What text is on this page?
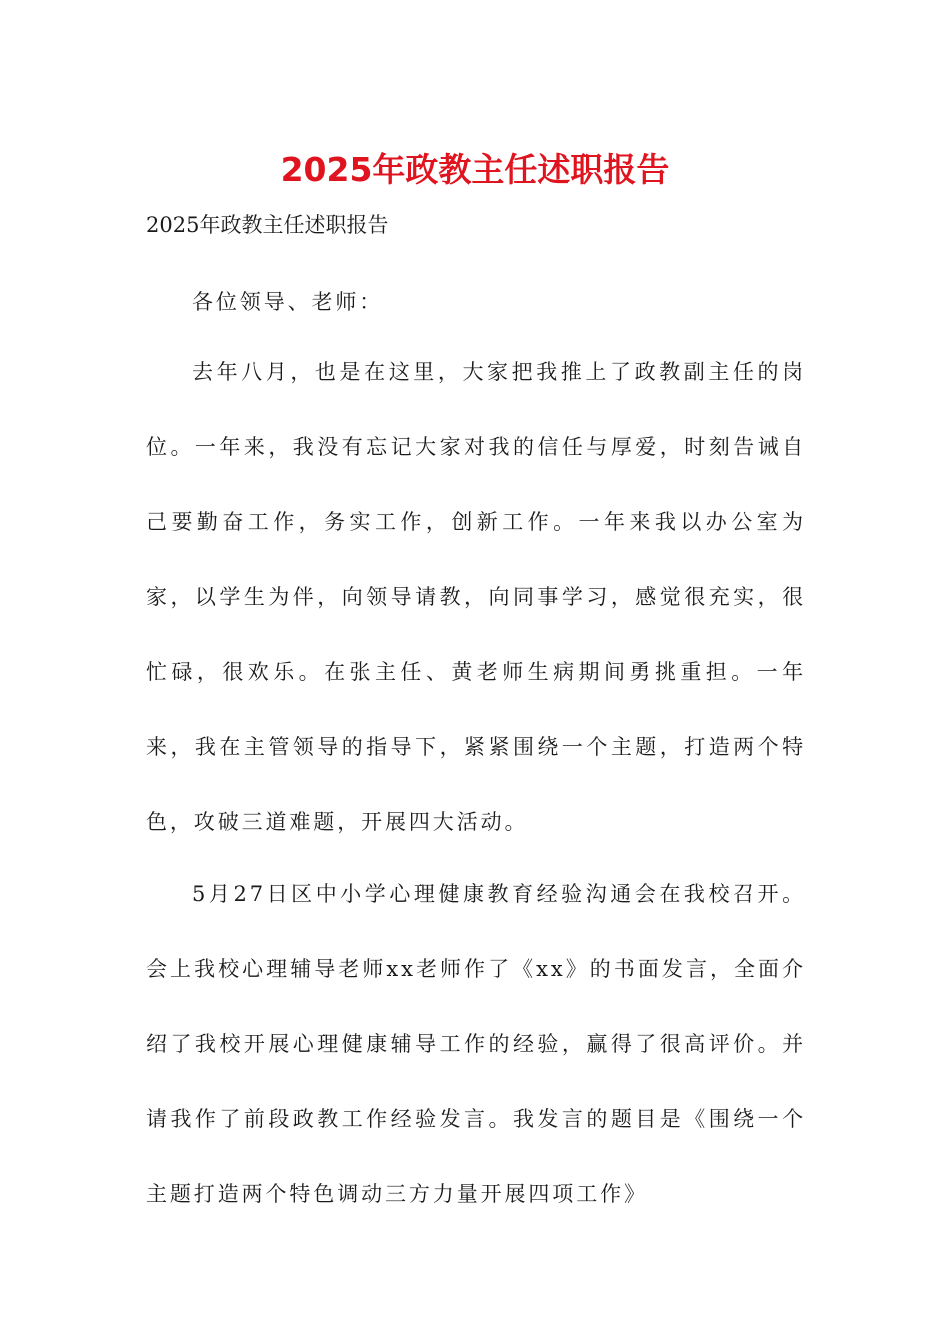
2025年政教主任述职报告
2025年政教主任述职报告
各位领导、老师：
去年八月，也是在这里，大家把我推上了政教副主任的岗位。一年来，我没有忘记大家对我的信任与厚爱，时刻告诫自己要勤奋工作，务实工作，创新工作。一年来我以办公室为家，以学生为伴，向领导请教，向同事学习，感觉很充实，很忙碌，很欢乐。在张主任、黄老师生病期间勇挑重担。一年来，我在主管领导的指导下，紧紧围绕一个主题，打造两个特色，攻破三道难题，开展四大活动。
5月27日区中小学心理健康教育经验沟通会在我校召开。会上我校心理辅导老师xx老师作了《xx》的书面发言，全面介绍了我校开展心理健康辅导工作的经验，赢得了很高评价。并请我作了前段政教工作经验发言。我发言的题目是《围绕一个主题打造两个特色调动三方力量开展四项工作》
